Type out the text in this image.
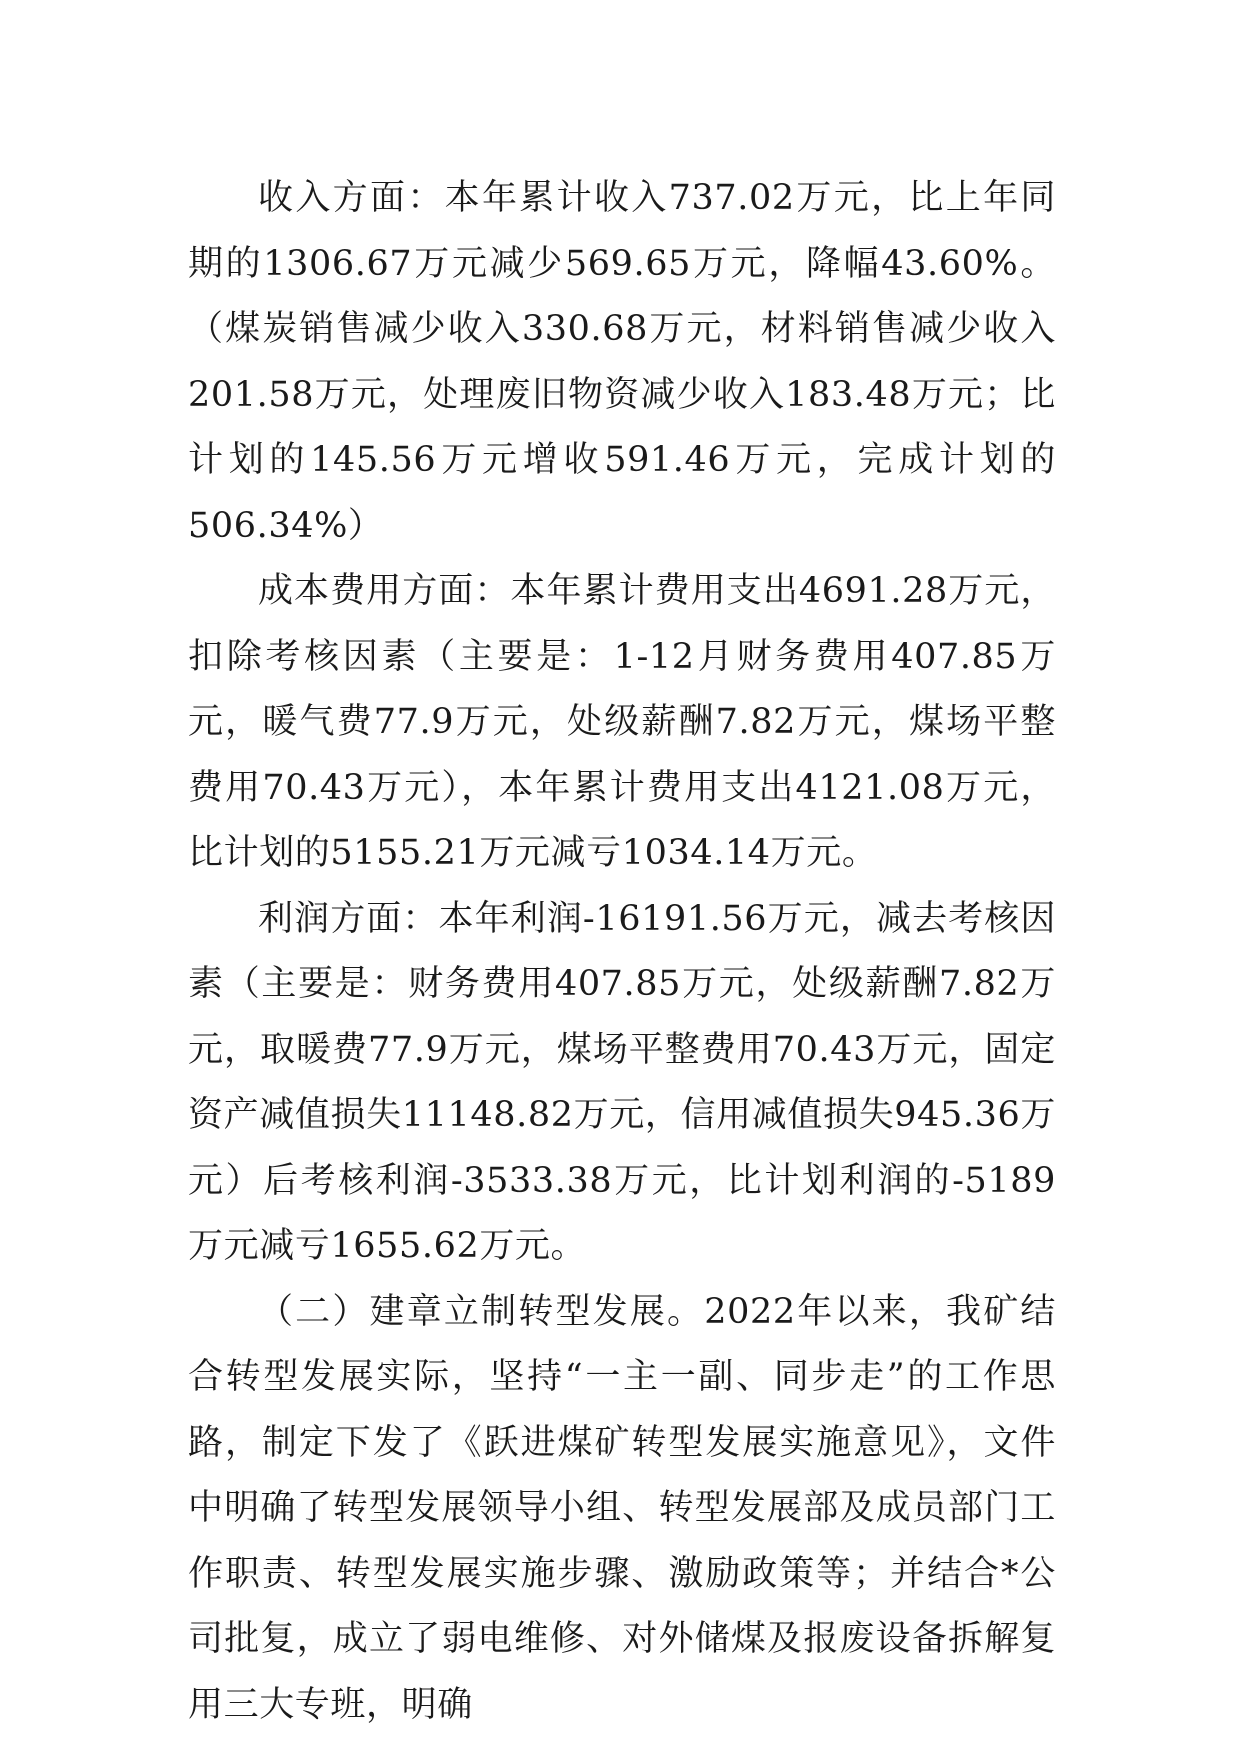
收入方面：本年累计收入737.02万元，比上年同期的1306.67万元减少569.65万元，降幅43.60%。（煤炭销售减少收入330.68万元，材料销售减少收入201.58万元，处理废旧物资减少收入183.48万元；比计划的145.56万元增收591.46万元，完成计划的506.34%）

成本费用方面：本年累计费用支出4691.28万元，扣除考核因素（主要是：1-12月财务费用407.85万元，暖气费77.9万元，处级薪酬7.82万元，煤场平整费用70.43万元），本年累计费用支出4121.08万元，比计划的5155.21万元减亏1034.14万元。

利润方面：本年利润-16191.56万元，减去考核因素（主要是：财务费用407.85万元，处级薪酬7.82万元，取暖费77.9万元，煤场平整费用70.43万元，固定资产减值损失11148.82万元，信用减值损失945.36万元）后考核利润-3533.38万元，比计划利润的-5189万元减亏1655.62万元。

（二）建章立制转型发展。2022年以来，我矿结合转型发展实际，坚持“一主一副、同步走”的工作思路，制定下发了《跃进煤矿转型发展实施意见》，文件中明确了转型发展领导小组、转型发展部及成员部门工作职责、转型发展实施步骤、激励政策等；并结合*公司批复，成立了弱电维修、对外储煤及报废设备拆解复用三大专班，明确
